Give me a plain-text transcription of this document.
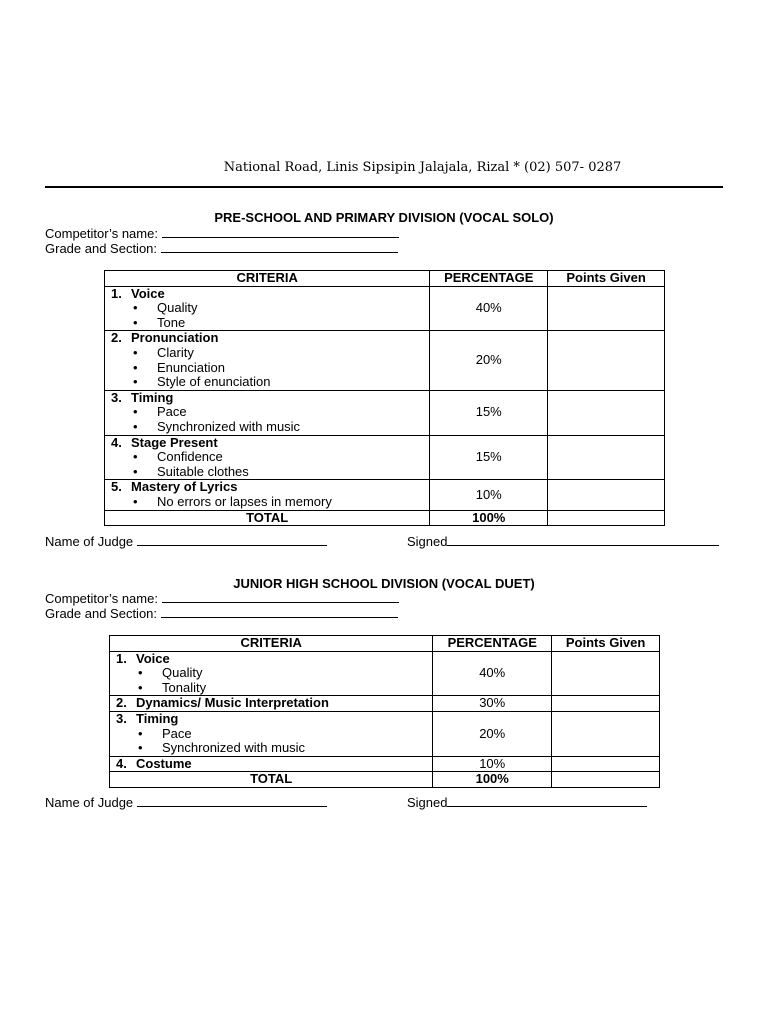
National Road, Linis Sipsipin Jalajala, Rizal * (02) 507- 0287
PRE-SCHOOL AND PRIMARY DIVISION (VOCAL SOLO)
Competitor’s name:
Grade and Section:
CRITERIA	PERCENTAGE	Points Given

1. Voice
• Quality
• Tone	40%	

2. Pronunciation
• Clarity
• Enunciation
• Style of enunciation	20%	

3. Timing
• Pace
• Synchronized with music	15%	

4. Stage Present
• Confidence
• Suitable clothes	15%	

5. Mastery of Lyrics
• No errors or lapses in memory	10%	
TOTAL	100%	
Name of Judge	Signed
JUNIOR HIGH SCHOOL DIVISION (VOCAL DUET)
Competitor’s name:
Grade and Section:
CRITERIA	PERCENTAGE	Points Given

1. Voice
• Quality
• Tonality	40%	

2. Dynamics/ Music Interpretation	30%	

3. Timing
• Pace
• Synchronized with music	20%	

4. Costume	10%	
TOTAL	100%	
Name of Judge	Signed
